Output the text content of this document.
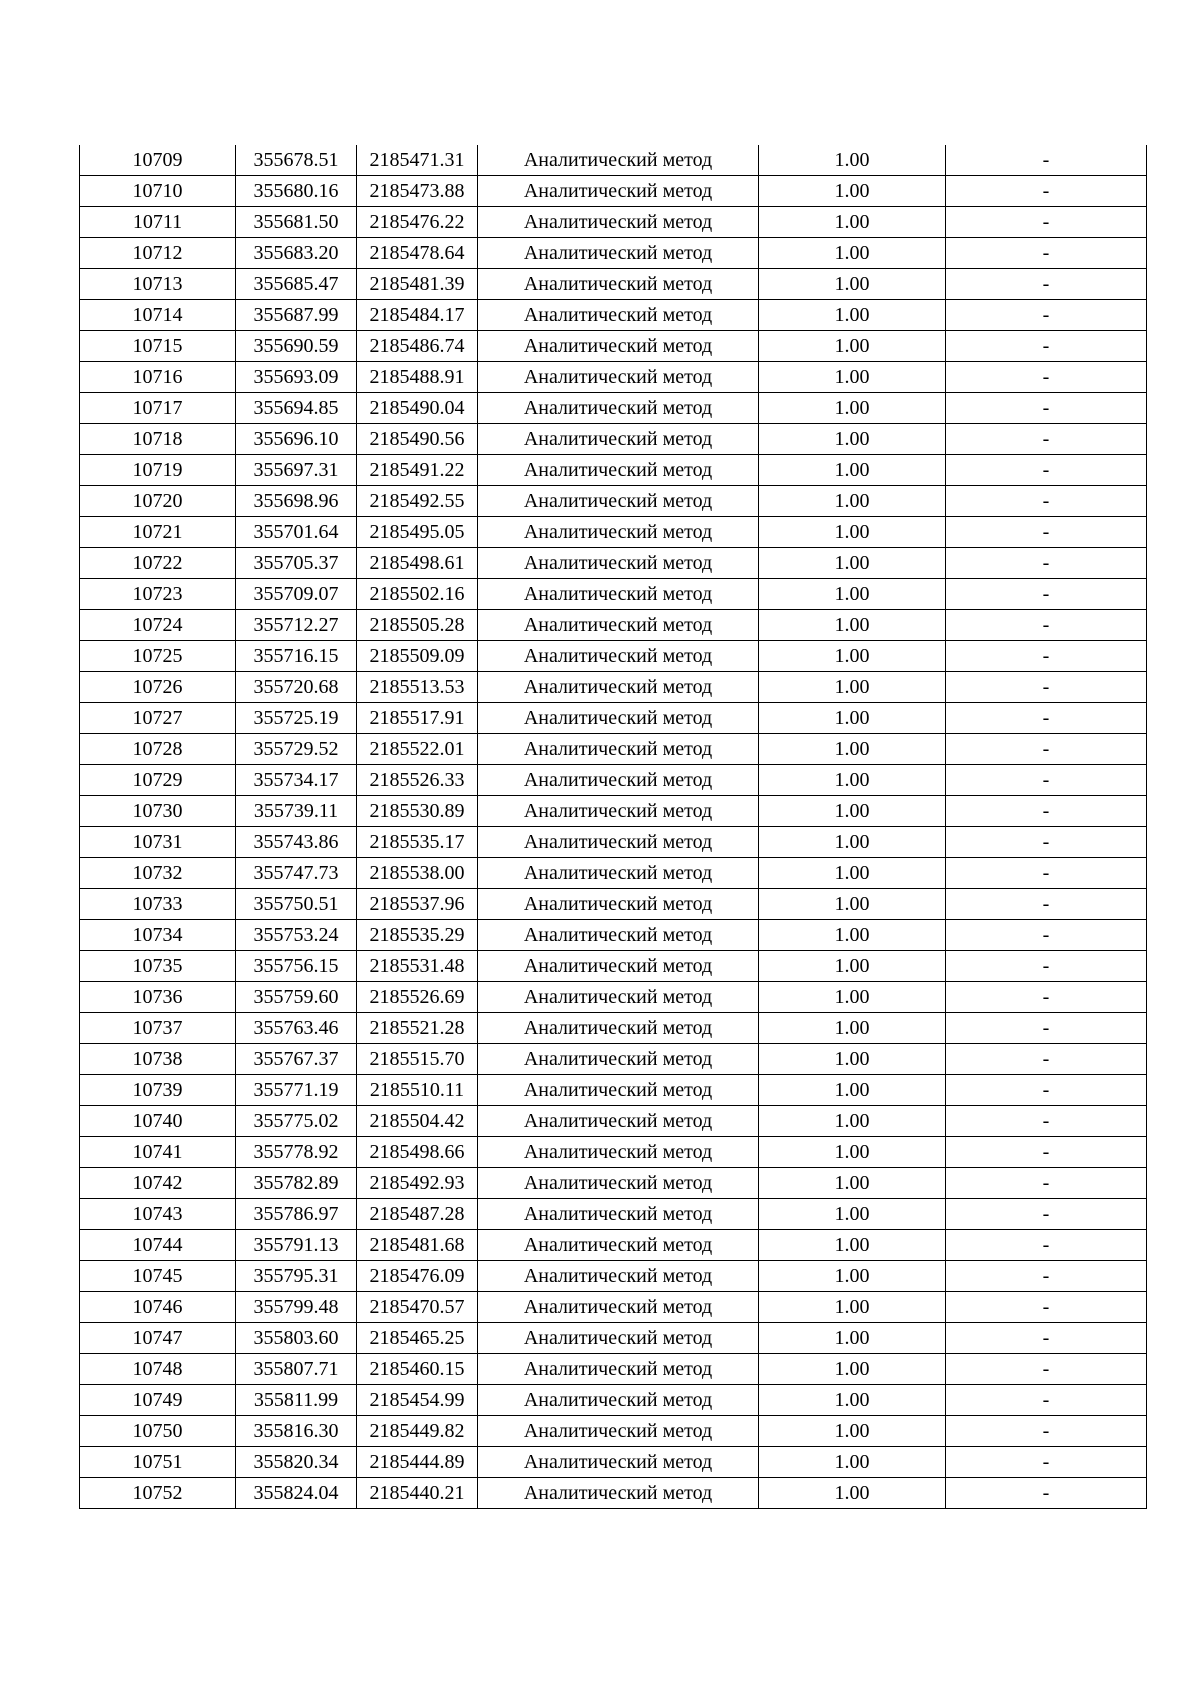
10709	355678.51	2185471.31	Аналитический метод	1.00	-
10710	355680.16	2185473.88	Аналитический метод	1.00	-
10711	355681.50	2185476.22	Аналитический метод	1.00	-
10712	355683.20	2185478.64	Аналитический метод	1.00	-
10713	355685.47	2185481.39	Аналитический метод	1.00	-
10714	355687.99	2185484.17	Аналитический метод	1.00	-
10715	355690.59	2185486.74	Аналитический метод	1.00	-
10716	355693.09	2185488.91	Аналитический метод	1.00	-
10717	355694.85	2185490.04	Аналитический метод	1.00	-
10718	355696.10	2185490.56	Аналитический метод	1.00	-
10719	355697.31	2185491.22	Аналитический метод	1.00	-
10720	355698.96	2185492.55	Аналитический метод	1.00	-
10721	355701.64	2185495.05	Аналитический метод	1.00	-
10722	355705.37	2185498.61	Аналитический метод	1.00	-
10723	355709.07	2185502.16	Аналитический метод	1.00	-
10724	355712.27	2185505.28	Аналитический метод	1.00	-
10725	355716.15	2185509.09	Аналитический метод	1.00	-
10726	355720.68	2185513.53	Аналитический метод	1.00	-
10727	355725.19	2185517.91	Аналитический метод	1.00	-
10728	355729.52	2185522.01	Аналитический метод	1.00	-
10729	355734.17	2185526.33	Аналитический метод	1.00	-
10730	355739.11	2185530.89	Аналитический метод	1.00	-
10731	355743.86	2185535.17	Аналитический метод	1.00	-
10732	355747.73	2185538.00	Аналитический метод	1.00	-
10733	355750.51	2185537.96	Аналитический метод	1.00	-
10734	355753.24	2185535.29	Аналитический метод	1.00	-
10735	355756.15	2185531.48	Аналитический метод	1.00	-
10736	355759.60	2185526.69	Аналитический метод	1.00	-
10737	355763.46	2185521.28	Аналитический метод	1.00	-
10738	355767.37	2185515.70	Аналитический метод	1.00	-
10739	355771.19	2185510.11	Аналитический метод	1.00	-
10740	355775.02	2185504.42	Аналитический метод	1.00	-
10741	355778.92	2185498.66	Аналитический метод	1.00	-
10742	355782.89	2185492.93	Аналитический метод	1.00	-
10743	355786.97	2185487.28	Аналитический метод	1.00	-
10744	355791.13	2185481.68	Аналитический метод	1.00	-
10745	355795.31	2185476.09	Аналитический метод	1.00	-
10746	355799.48	2185470.57	Аналитический метод	1.00	-
10747	355803.60	2185465.25	Аналитический метод	1.00	-
10748	355807.71	2185460.15	Аналитический метод	1.00	-
10749	355811.99	2185454.99	Аналитический метод	1.00	-
10750	355816.30	2185449.82	Аналитический метод	1.00	-
10751	355820.34	2185444.89	Аналитический метод	1.00	-
10752	355824.04	2185440.21	Аналитический метод	1.00	-
